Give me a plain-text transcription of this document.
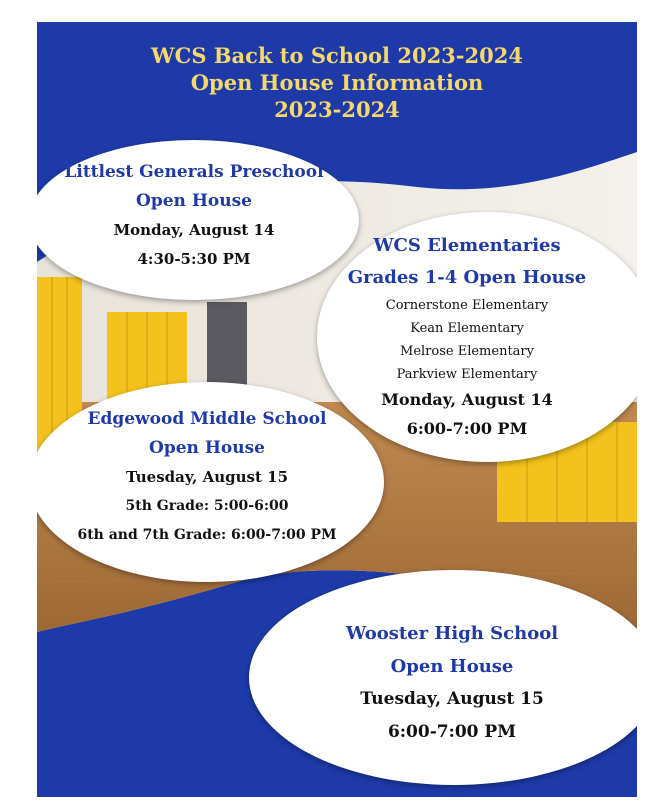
WCS Back to School 2023-2024
Open House Information
2023-2024
Littlest Generals Preschool
Open House
Monday, August 14
4:30-5:30 PM
WCS Elementaries
Grades 1-4 Open House
Cornerstone Elementary
Kean Elementary
Melrose Elementary
Parkview Elementary
Monday, August 14
6:00-7:00 PM
Edgewood Middle School
Open House
Tuesday, August 15
5th Grade: 5:00-6:00
6th and 7th Grade: 6:00-7:00 PM
Wooster High School
Open House
Tuesday, August 15
6:00-7:00 PM
